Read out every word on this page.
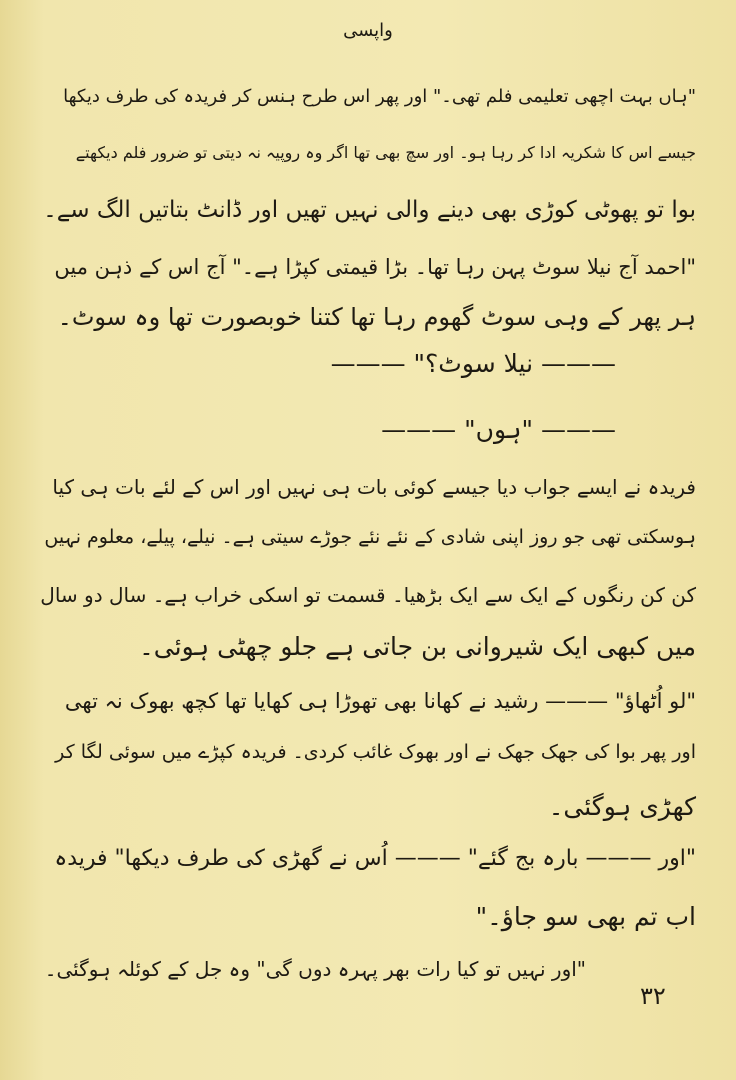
واپسی
"ہاں بہت اچھی تعلیمی فلم تھی۔" اور پھر اس طرح ہنس کر فریدہ کی طرف دیکھا
جیسے اس کا شکریہ ادا کر رہا ہو۔ اور سچ بھی تھا اگر وہ روپیہ نہ دیتی تو ضرور فلم دیکھتے
بوا تو پھوٹی کوڑی بھی دینے والی نہیں تھیں اور ڈانٹ بتاتیں الگ سے۔
"احمد آج نیلا سوٹ پہن رہا تھا۔ بڑا قیمتی کپڑا ہے۔" آج اس کے ذہن میں
ہر پھر کے وہی سوٹ گھوم رہا تھا کتنا خوبصورت تھا وہ سوٹ۔
——— نیلا سوٹ؟" ———
——— "ہوں" ———
فریدہ نے ایسے جواب دیا جیسے کوئی بات ہی نہیں اور اس کے لئے بات ہی کیا
ہوسکتی تھی جو روز اپنی شادی کے نئے نئے جوڑے سیتی ہے۔ نیلے، پیلے، معلوم نہیں
کن کن رنگوں کے ایک سے ایک بڑھیا۔ قسمت تو اسکی خراب ہے۔ سال دو سال
میں کبھی ایک شیروانی بن جاتی ہے جلو چھٹی ہوئی۔
"لو اُٹھاؤ" ——— رشید نے کھانا بھی تھوڑا ہی کھایا تھا کچھ بھوک نہ تھی
اور پھر بوا کی جھک جھک نے اور بھوک غائب کردی۔ فریدہ کپڑے میں سوئی لگا کر
کھڑی ہوگئی۔
"اور ——— بارہ بج گئے" ——— اُس نے گھڑی کی طرف دیکھا" فریدہ
اب تم بھی سو جاؤ۔"
"اور نہیں تو کیا رات بھر پہرہ دوں گی" وہ جل کے کوئلہ ہوگئی۔
۳۲
